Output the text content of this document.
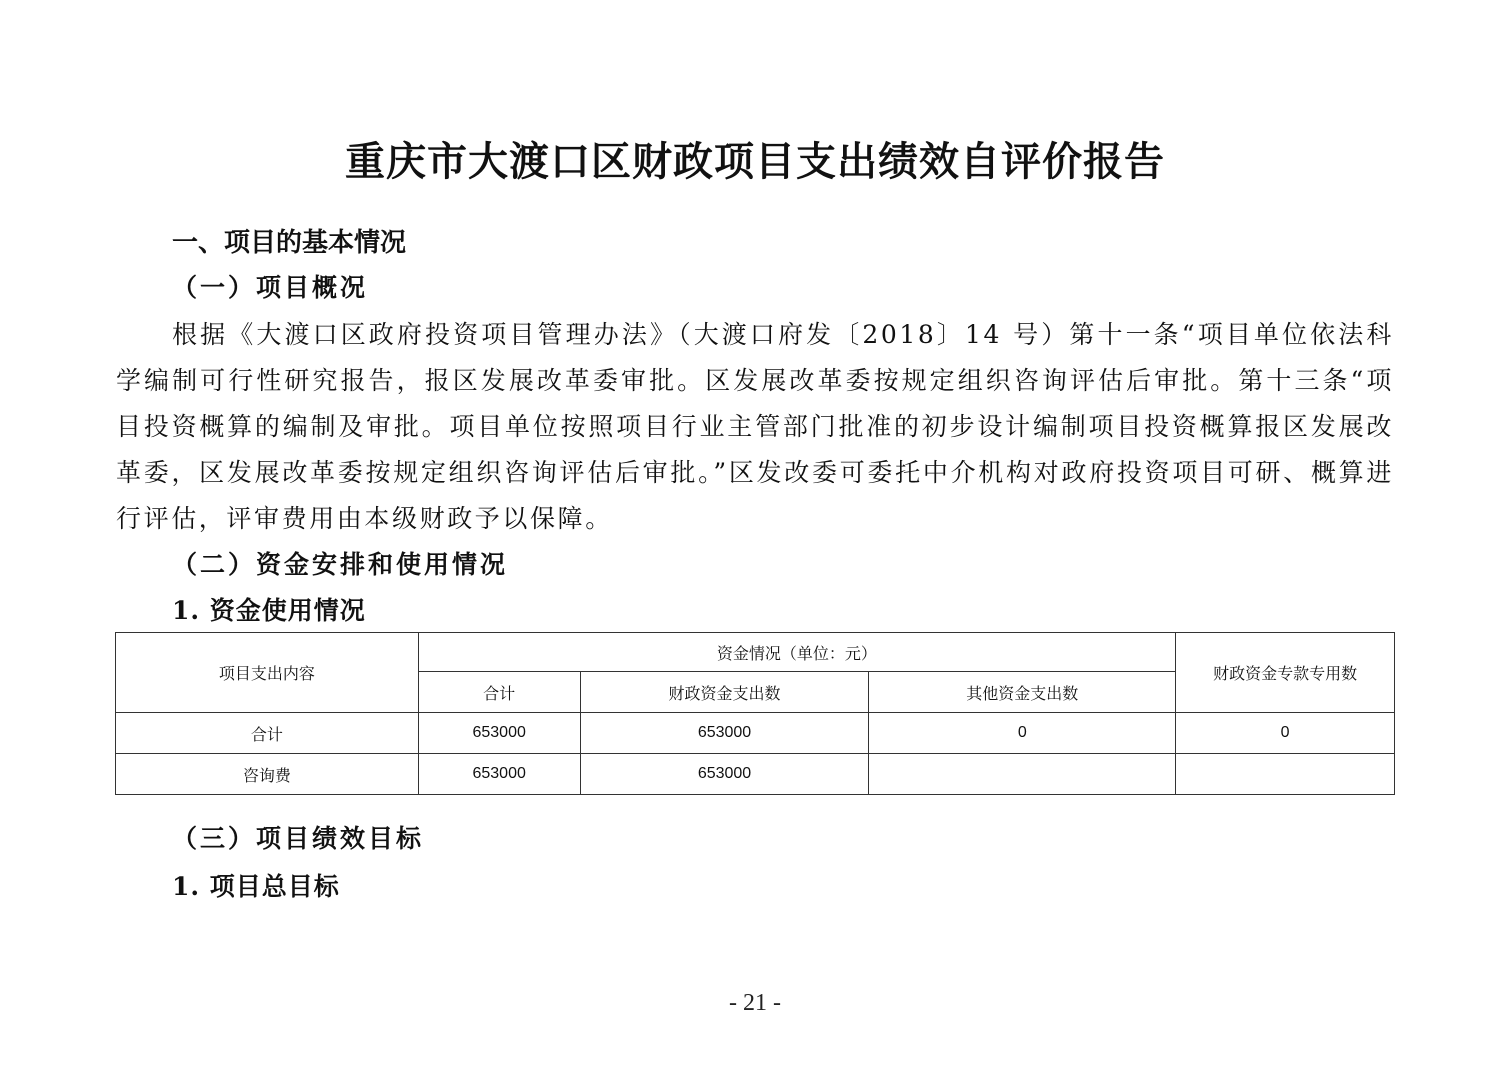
重庆市大渡口区财政项目支出绩效自评价报告
一、项目的基本情况
（一）项目概况

根据《大渡口区政府投资项目管理办法》（大渡口府发〔2018〕14 号）第十一条“项目单位依法科学编制可行性研究报告，报区发展改革委审批。区发展改革委按规定组织咨询评估后审批。第十三条“项目投资概算的编制及审批。项目单位按照项目行业主管部门批准的初步设计编制项目投资概算报区发展改革委，区发展改革委按规定组织咨询评估后审批。”区发改委可委托中介机构对政府投资项目可研、概算进行评估，评审费用由本级财政予以保障。

（二）资金安排和使用情况
1. 资金使用情况
项目支出内容	资金情况（单位：元）			财政资金专款专用数
	合计	财政资金支出数	其他资金支出数	
合计	653000	653000	0	0
咨询费	653000	653000		
（三）项目绩效目标
1. 项目总目标
- 21 -
